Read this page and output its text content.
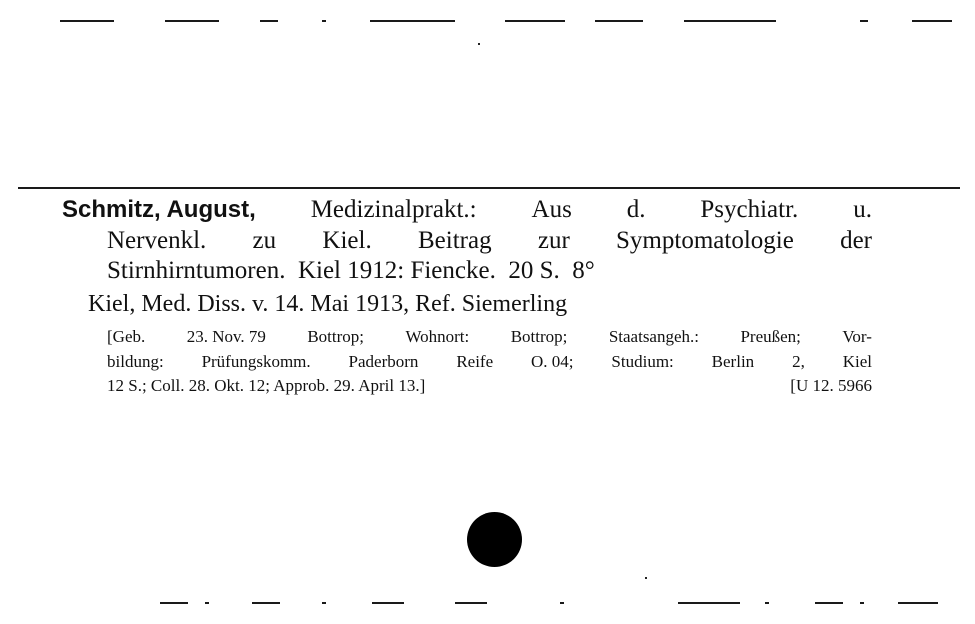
Schmitz, August, Medizinalprakt.: Aus d. Psychiatr. u.
Nervenkl. zu Kiel. Beitrag zur Symptomatologie der
Stirnhirntumoren.  Kiel 1912: Fiencke.  20 S.  8°
Kiel, Med. Diss. v. 14. Mai 1913, Ref. Siemerling
[Geb. 23. Nov. 79 Bottrop; Wohnort: Bottrop; Staatsangeh.: Preußen; Vor-
bildung: Prüfungskomm. Paderborn Reife O. 04; Studium: Berlin 2, Kiel
12 S.; Coll. 28. Okt. 12; Approb. 29. April 13.]	[U 12. 5966
